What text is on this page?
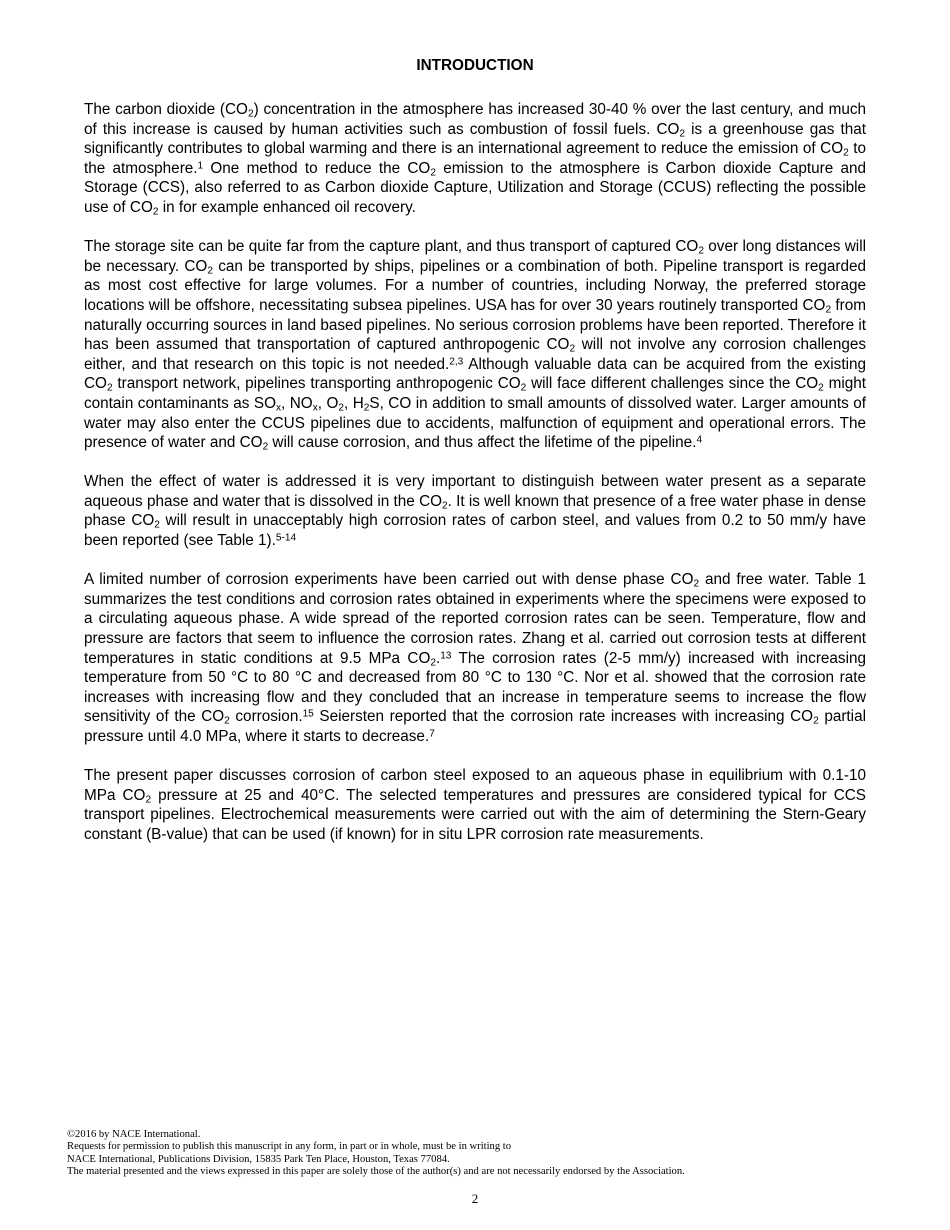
INTRODUCTION

The carbon dioxide $(CO_2)$ concentration in the atmosphere has increased 30-40 % over the last century, and much of this increase is caused by human activities such as combustion of fossil fuels. $CO_2$ is a greenhouse gas that significantly contributes to global warming and there is an international agreement to reduce the emission of $CO_2$ to the atmosphere.$^1$ One method to reduce the $CO_2$ emission to the atmosphere is Carbon dioxide Capture and Storage (CCS), also referred to as Carbon dioxide Capture, Utilization and Storage (CCUS) reflecting the possible use of $CO_2$ in for example enhanced oil recovery.

The storage site can be quite far from the capture plant, and thus transport of captured $CO_2$ over long distances will be necessary. $CO_2$ can be transported by ships, pipelines or a combination of both. Pipeline transport is regarded as most cost effective for large volumes. For a number of countries, including Norway, the preferred storage locations will be offshore, necessitating subsea pipelines. USA has for over 30 years routinely transported $CO_2$ from naturally occurring sources in land based pipelines. No serious corrosion problems have been reported. Therefore it has been assumed that transportation of captured anthropogenic $CO_2$ will not involve any corrosion challenges either, and that research on this topic is not needed.$^{2,3}$ Although valuable data can be acquired from the existing $CO_2$ transport network, pipelines transporting anthropogenic $CO_2$ will face different challenges since the $CO_2$ might contain contaminants as $SO_x$, $NO_x$, $O_2$, $H_2S$, CO in addition to small amounts of dissolved water. Larger amounts of water may also enter the CCUS pipelines due to accidents, malfunction of equipment and operational errors. The presence of water and $CO_2$ will cause corrosion, and thus affect the lifetime of the pipeline.$^4$

When the effect of water is addressed it is very important to distinguish between water present as a separate aqueous phase and water that is dissolved in the $CO_2$. It is well known that presence of a free water phase in dense phase $CO_2$ will result in unacceptably high corrosion rates of carbon steel, and values from 0.2 to 50 mm/y have been reported (see Table 1).$^{5-14}$

A limited number of corrosion experiments have been carried out with dense phase $CO_2$ and free water. Table 1 summarizes the test conditions and corrosion rates obtained in experiments where the specimens were exposed to a circulating aqueous phase. A wide spread of the reported corrosion rates can be seen. Temperature, flow and pressure are factors that seem to influence the corrosion rates. Zhang et al. carried out corrosion tests at different temperatures in static conditions at 9.5 MPa $CO_2.^{13}$ The corrosion rates (2-5 mm/y) increased with increasing temperature from 50 °C to 80 °C and decreased from 80 °C to 130 °C. Nor et al. showed that the corrosion rate increases with increasing flow and they concluded that an increase in temperature seems to increase the flow sensitivity of the $CO_2$ corrosion.$^{15}$ Seiersten reported that the corrosion rate increases with increasing $CO_2$ partial pressure until 4.0 MPa, where it starts to decrease.$^7$

The present paper discusses corrosion of carbon steel exposed to an aqueous phase in equilibrium with 0.1-10 MPa $CO_2$ pressure at 25 and 40°C. The selected temperatures and pressures are considered typical for CCS transport pipelines. Electrochemical measurements were carried out with the aim of determining the Stern-Geary constant (B-value) that can be used (if known) for in situ LPR corrosion rate measurements.

©2016 by NACE International.
Requests for permission to publish this manuscript in any form, in part or in whole, must be in writing to
NACE International, Publications Division, 15835 Park Ten Place, Houston, Texas 77084.
The material presented and the views expressed in this paper are solely those of the author(s) and are not necessarily endorsed by the Association.
2
